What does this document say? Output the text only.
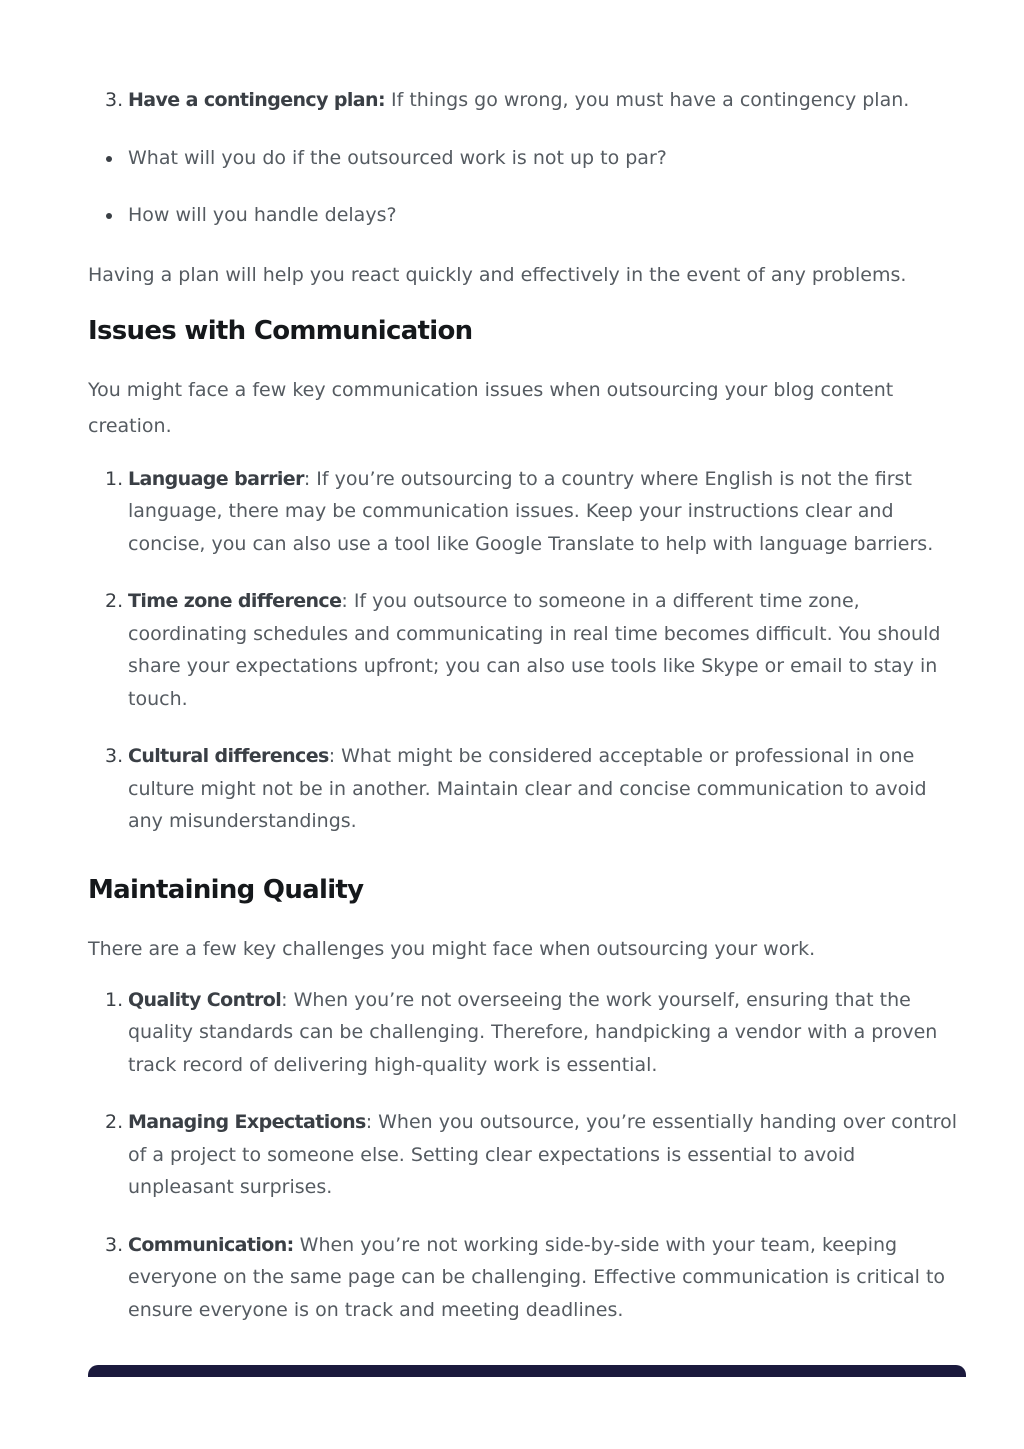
3. Have a contingency plan: If things go wrong, you must have a contingency plan.
What will you do if the outsourced work is not up to par?
How will you handle delays?

Having a plan will help you react quickly and effectively in the event of any problems.

Issues with Communication

You might face a few key communication issues when outsourcing your blog content creation.

1. Language barrier: If you’re outsourcing to a country where English is not the first language, there may be communication issues. Keep your instructions clear and concise, you can also use a tool like Google Translate to help with language barriers.
2. Time zone difference: If you outsource to someone in a different time zone, coordinating schedules and communicating in real time becomes difficult. You should share your expectations upfront; you can also use tools like Skype or email to stay in touch.
3. Cultural differences: What might be considered acceptable or professional in one culture might not be in another. Maintain clear and concise communication to avoid any misunderstandings.
Maintaining Quality

There are a few key challenges you might face when outsourcing your work.

1. Quality Control: When you’re not overseeing the work yourself, ensuring that the quality standards can be challenging. Therefore, handpicking a vendor with a proven track record of delivering high-quality work is essential.
2. Managing Expectations: When you outsource, you’re essentially handing over control of a project to someone else. Setting clear expectations is essential to avoid unpleasant surprises.
3. Communication: When you’re not working side-by-side with your team, keeping everyone on the same page can be challenging. Effective communication is critical to ensure everyone is on track and meeting deadlines.
